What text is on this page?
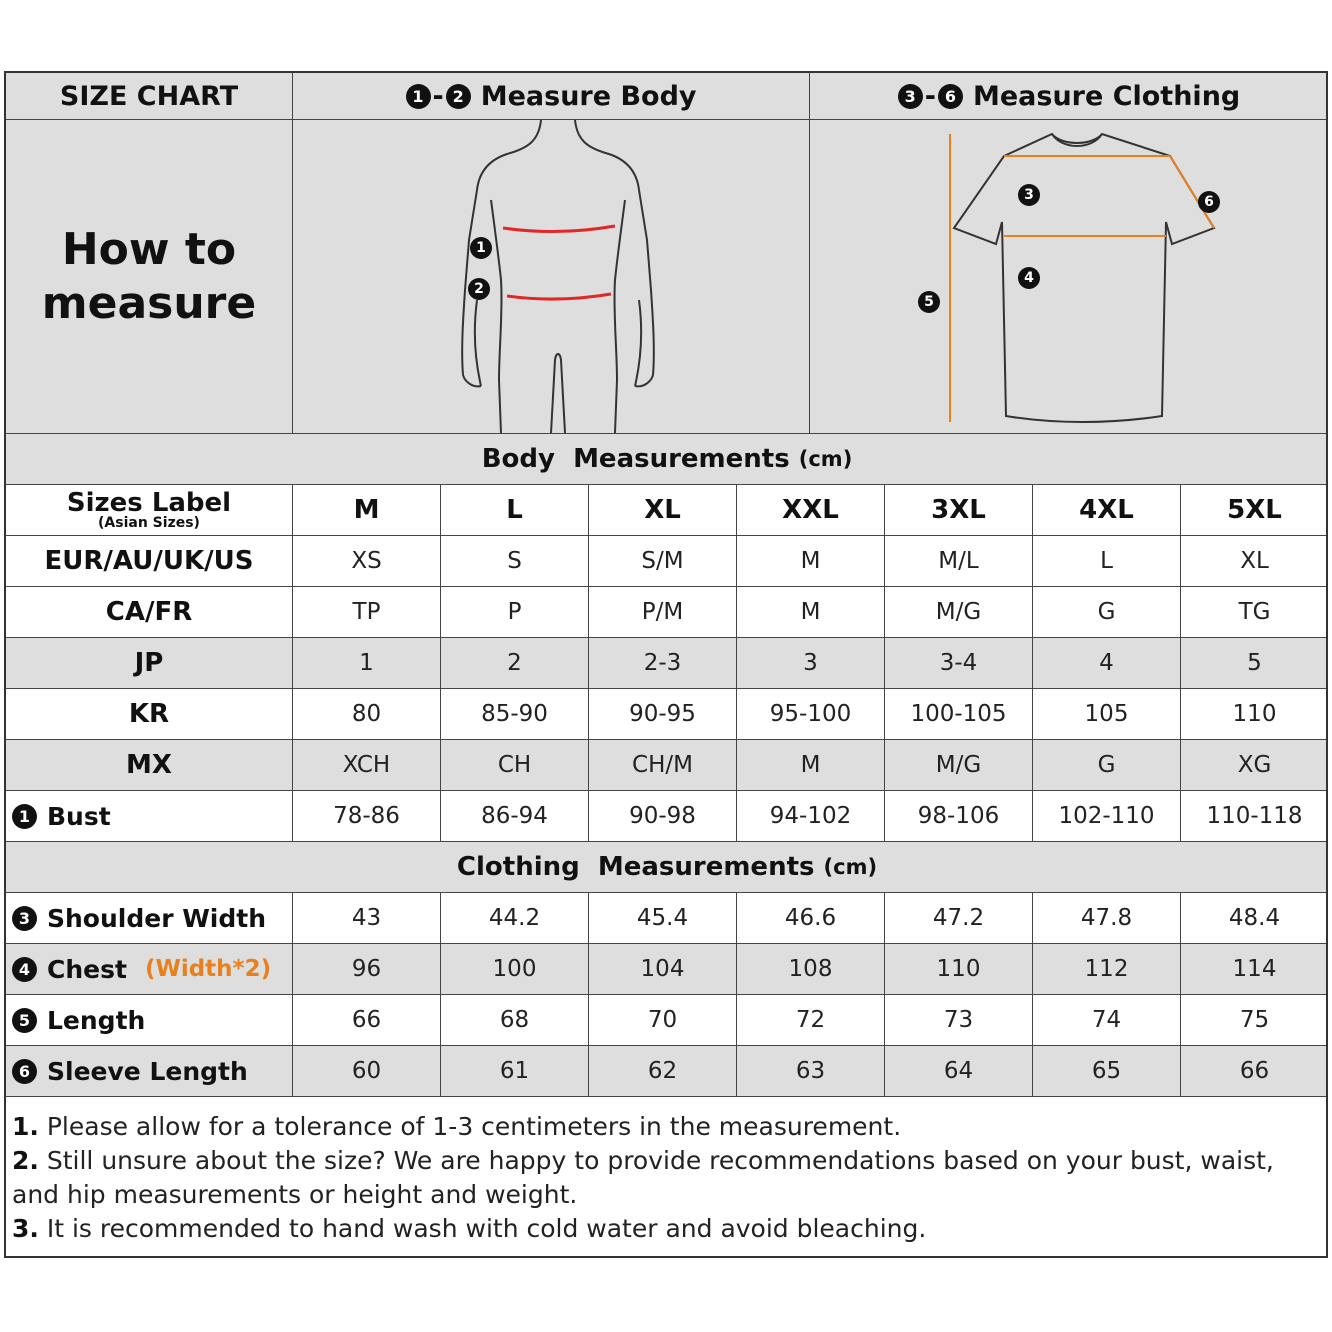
SIZE CHART	1 - 2 Measure Body	3 - 6 Measure Clothing
How to
measure
1
2
3
4
5
6
Body
Measurements
(cm)
Sizes Label
(Asian Sizes)	M	L	XL	XXL	3XL	4XL	5XL
EUR/AU/UK/US	XS	S	S/M	M	M/L	L	XL
CA/FR	TP	P	P/M	M	M/G	G	TG
JP	1	2	2-3	3	3-4	4	5
KR	80	85-90	90-95	95-100	100-105	105	110
MX	XCH	CH	CH/M	M	M/G	G	XG
1 Bust	78-86	86-94	90-98	94-102	98-106	102-110	110-118
Clothing
Measurements
(cm)
3 Shoulder Width	43	44.2	45.4	46.6	47.2	47.8	48.4
4 Chest (Width*2)	96	100	104	108	110	112	114
5 Length	66	68	70	72	73	74	75
6 Sleeve Length	60	61	62	63	64	65	66
1. Please allow for a tolerance of 1-3 centimeters in the measurement.
2. Still unsure about the size? We are happy to provide recommendations based on your bust, waist, and hip measurements or height and weight.
3. It is recommended to hand wash with cold water and avoid bleaching.
